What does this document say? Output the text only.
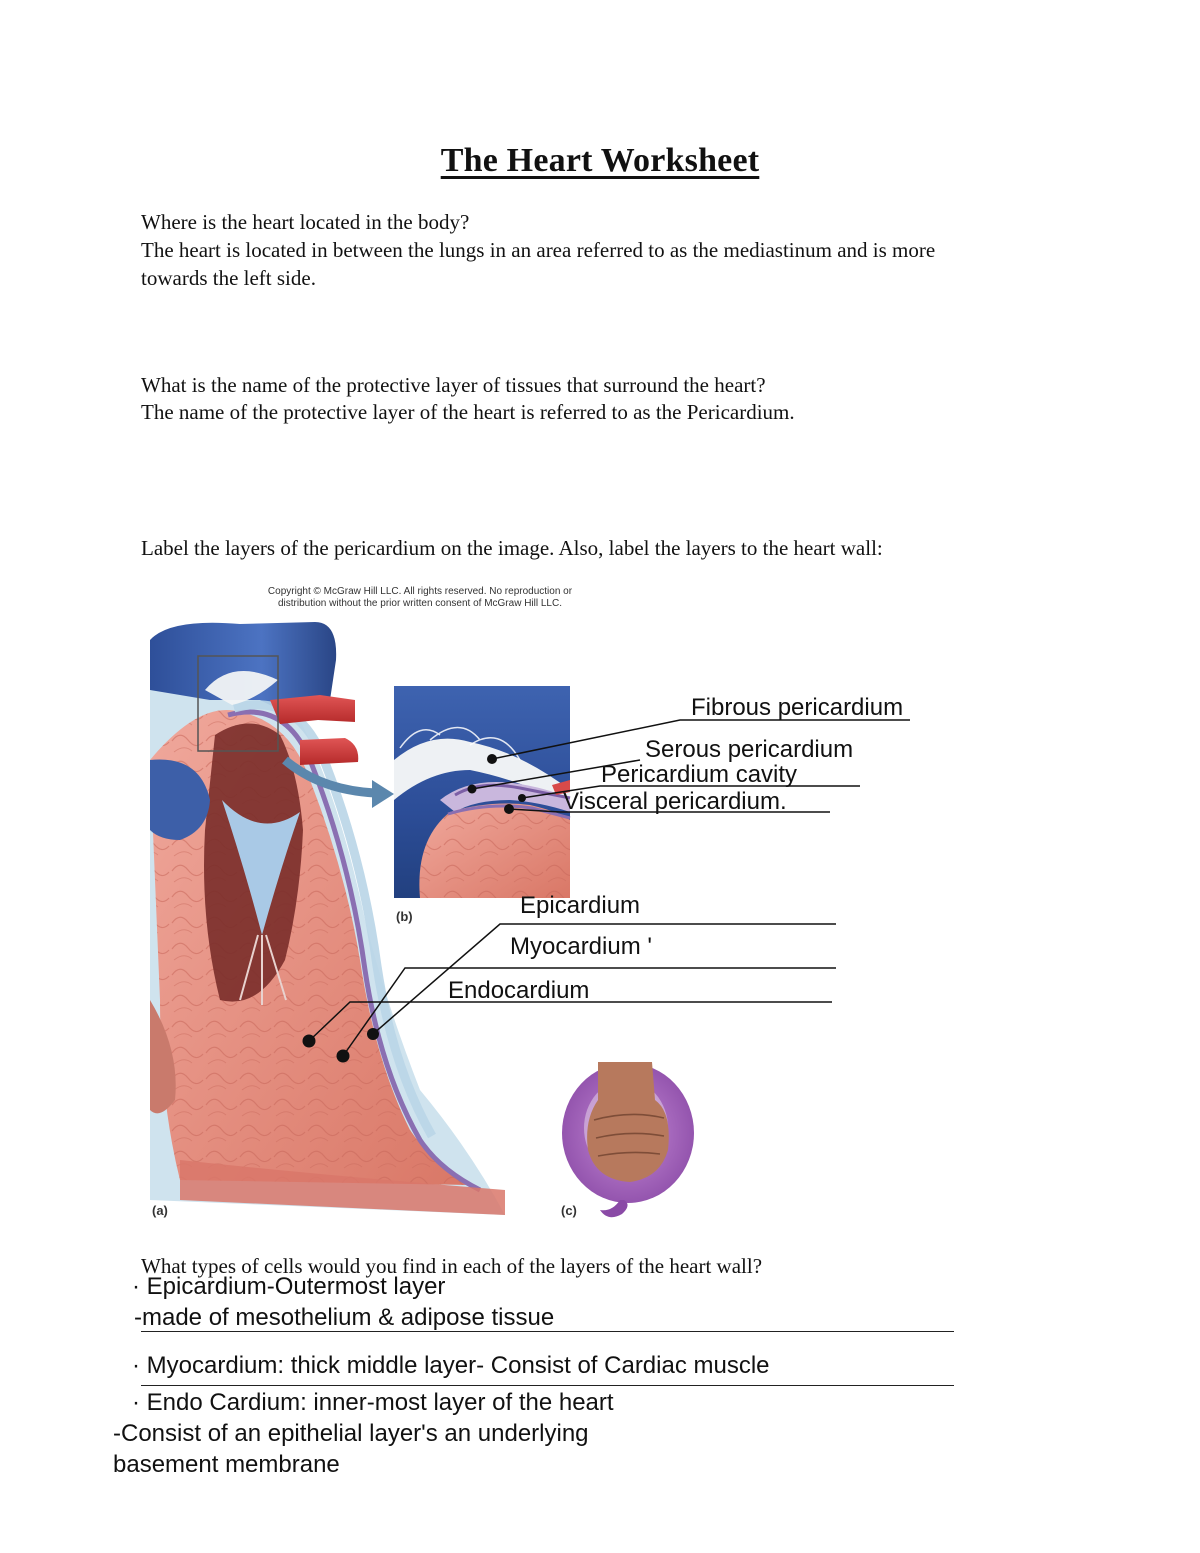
The Heart Worksheet
Where is the heart located in the body?
The heart is located in between the lungs in an area referred to as the mediastinum and is more
towards the left side.
What is the name of the protective layer of tissues that surround the heart?
The name of the protective layer of the heart is referred to as the Pericardium.
Label the layers of the pericardium on the image. Also, label the layers to the heart wall:
Copyright © McGraw Hill LLC. All rights reserved. No reproduction or
distribution without the prior written consent of McGraw Hill LLC.
(a)
(b)
(c)
Fibrous pericardium
Serous pericardium
Pericardium cavity
Visceral pericardium.
Epicardium
Myocardium '
Endocardium
What types of cells would you find in each of the layers of the heart wall?
· Epicardium-Outermost layer
-made of mesothelium & adipose tissue
· Myocardium: thick middle layer- Consist of Cardiac muscle
· Endo Cardium: inner-most layer of the heart
-Consist of an epithelial layer's an underlying
basement membrane
